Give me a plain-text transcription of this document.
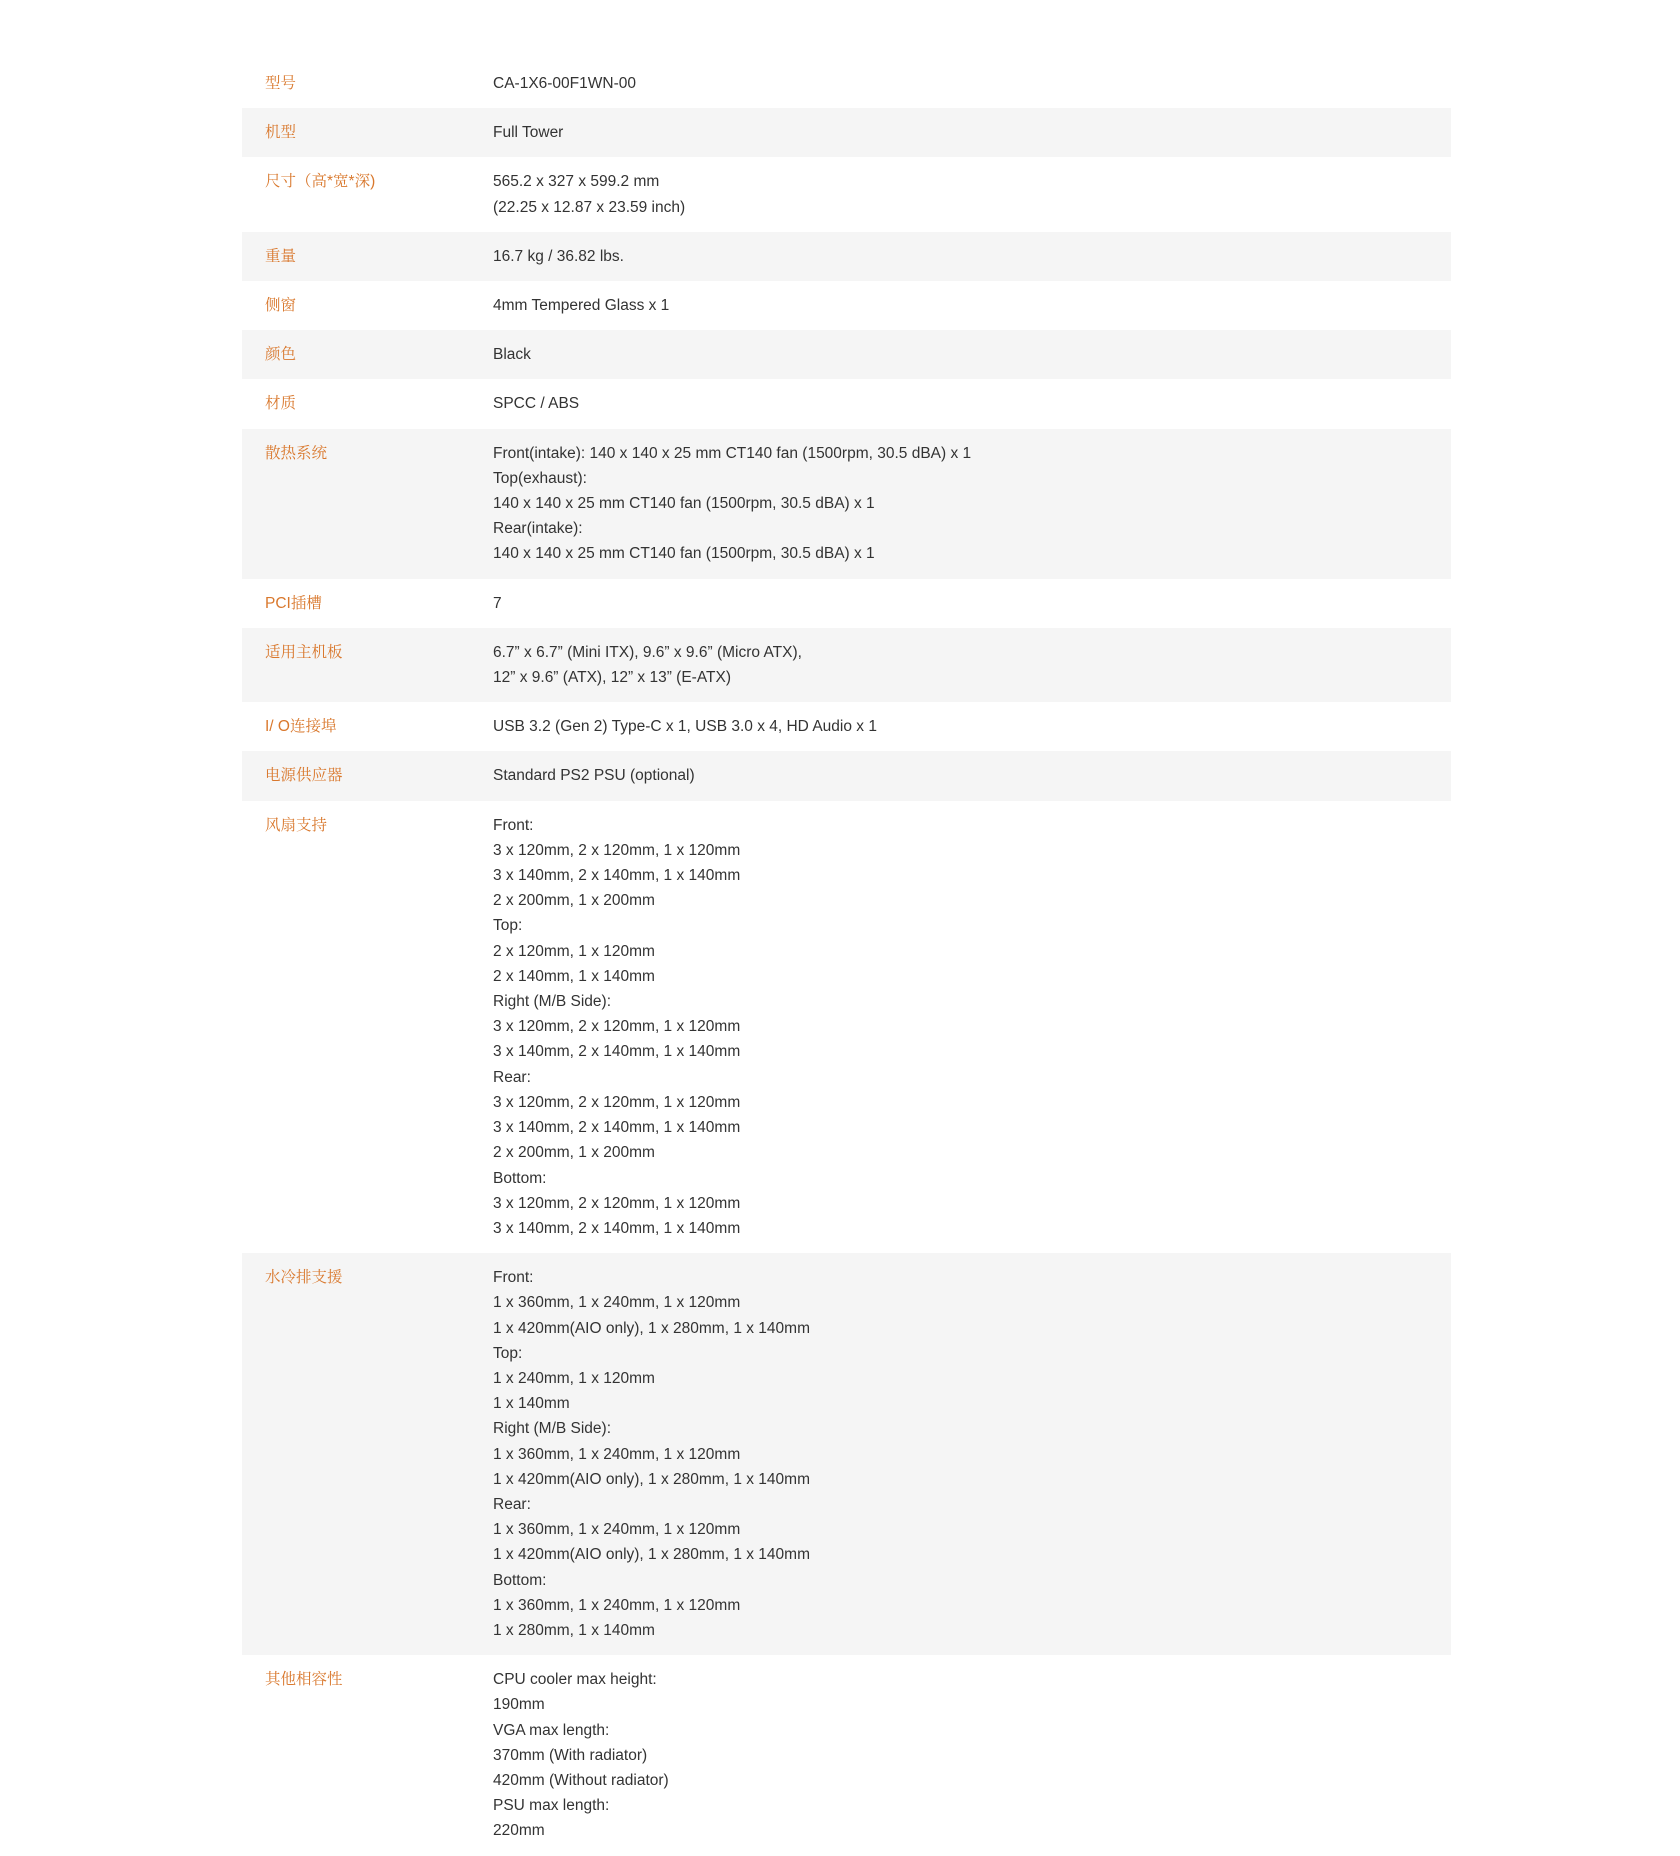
型号	CA-1X6-00F1WN-00
机型	Full Tower
尺寸（高*宽*深)	565.2 x 327 x 599.2 mm
(22.25 x 12.87 x 23.59 inch)
重量	16.7 kg / 36.82 lbs.
侧窗	4mm Tempered Glass x 1
颜色	Black
材质	SPCC / ABS
散热系统	Front(intake): 140 x 140 x 25 mm CT140 fan (1500rpm, 30.5 dBA) x 1
Top(exhaust):
140 x 140 x 25 mm CT140 fan (1500rpm, 30.5 dBA) x 1
Rear(intake):
140 x 140 x 25 mm CT140 fan (1500rpm, 30.5 dBA) x 1
PCI插槽	7
适用主机板	6.7” x 6.7” (Mini ITX), 9.6” x 9.6” (Micro ATX),
12” x 9.6” (ATX), 12” x 13” (E-ATX)
I/ O连接埠	USB 3.2 (Gen 2) Type-C x 1, USB 3.0 x 4, HD Audio x 1
电源供应器	Standard PS2 PSU (optional)
风扇支持	Front:
3 x 120mm, 2 x 120mm, 1 x 120mm
3 x 140mm, 2 x 140mm, 1 x 140mm
2 x 200mm, 1 x 200mm
Top:
2 x 120mm, 1 x 120mm
2 x 140mm, 1 x 140mm
Right (M/B Side):
3 x 120mm, 2 x 120mm, 1 x 120mm
3 x 140mm, 2 x 140mm, 1 x 140mm
Rear:
3 x 120mm, 2 x 120mm, 1 x 120mm
3 x 140mm, 2 x 140mm, 1 x 140mm
2 x 200mm, 1 x 200mm
Bottom:
3 x 120mm, 2 x 120mm, 1 x 120mm
3 x 140mm, 2 x 140mm, 1 x 140mm
水冷排支援	Front:
1 x 360mm, 1 x 240mm, 1 x 120mm
1 x 420mm(AIO only), 1 x 280mm, 1 x 140mm
Top:
1 x 240mm, 1 x 120mm
1 x 140mm
Right (M/B Side):
1 x 360mm, 1 x 240mm, 1 x 120mm
1 x 420mm(AIO only), 1 x 280mm, 1 x 140mm
Rear:
1 x 360mm, 1 x 240mm, 1 x 120mm
1 x 420mm(AIO only), 1 x 280mm, 1 x 140mm
Bottom:
1 x 360mm, 1 x 240mm, 1 x 120mm
1 x 280mm, 1 x 140mm
其他相容性	CPU cooler max height:
190mm
VGA max length:
370mm (With radiator)
420mm (Without radiator)
PSU max length:
220mm
